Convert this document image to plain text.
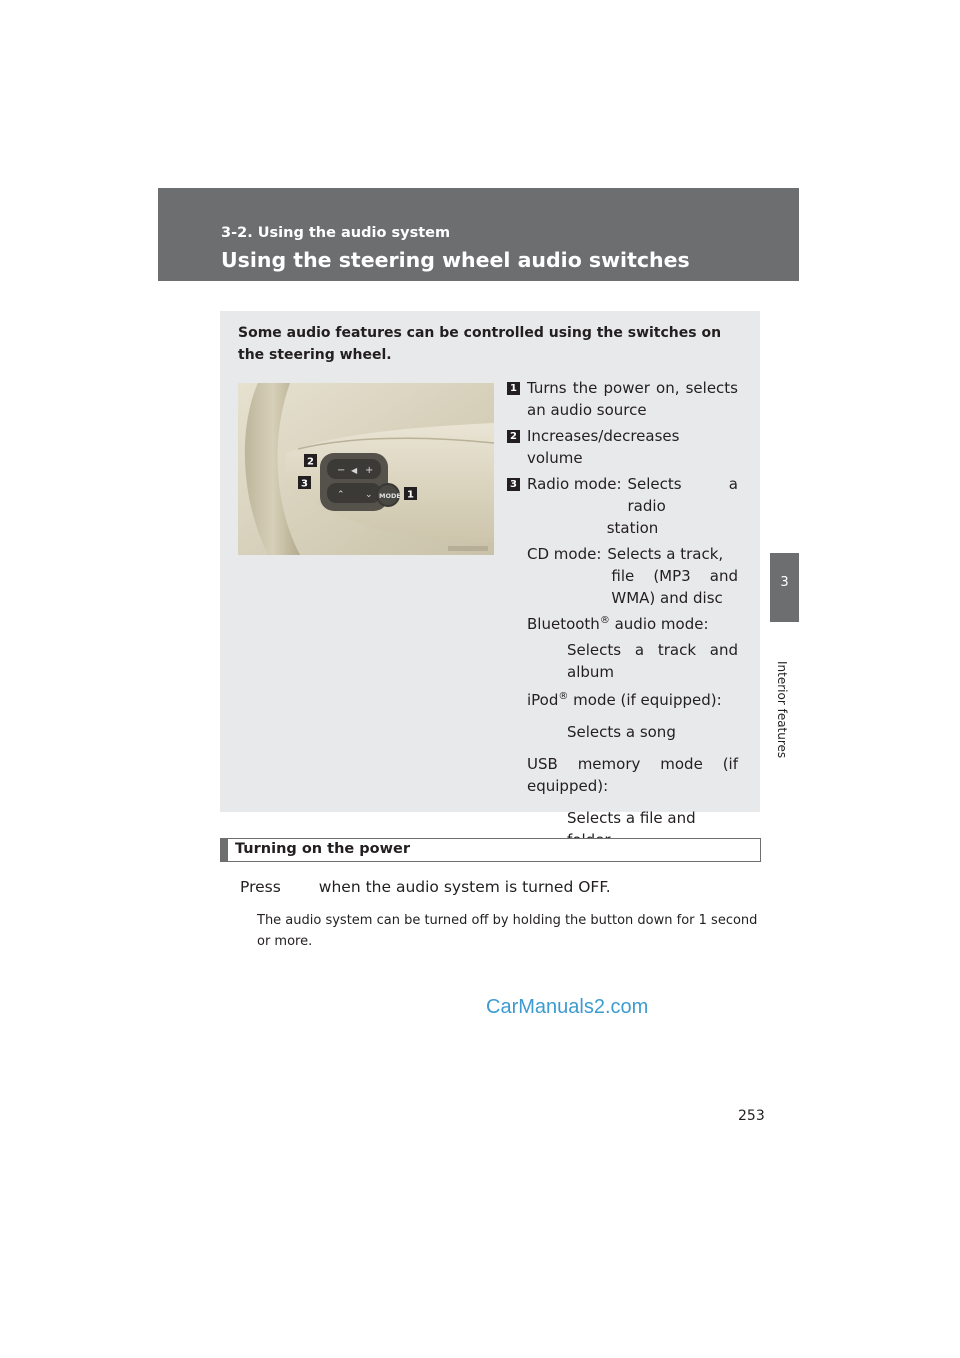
3-2. Using the audio system
Using the steering wheel audio switches
3
Interior features
Some audio features can be controlled using the switches on the steering wheel.
− ◀ +
⌃ ⌄ MODE
2
3
1
1 Turns the power on, selects an audio source
2 Increases/decreases volume
3 Radio mode: Selects a radio
station
CD mode: Selects a track,
file (MP3 and WMA) and disc
Bluetooth® audio mode:
Selects a track and album
iPod® mode (if equipped):
Selects a song
USB memory mode (if equipped):
Selects a file and
Turning on the power
Press when the audio system is turned OFF.
The audio system can be turned off by holding the button down for 1 second or more.
CarManuals2.com
253
